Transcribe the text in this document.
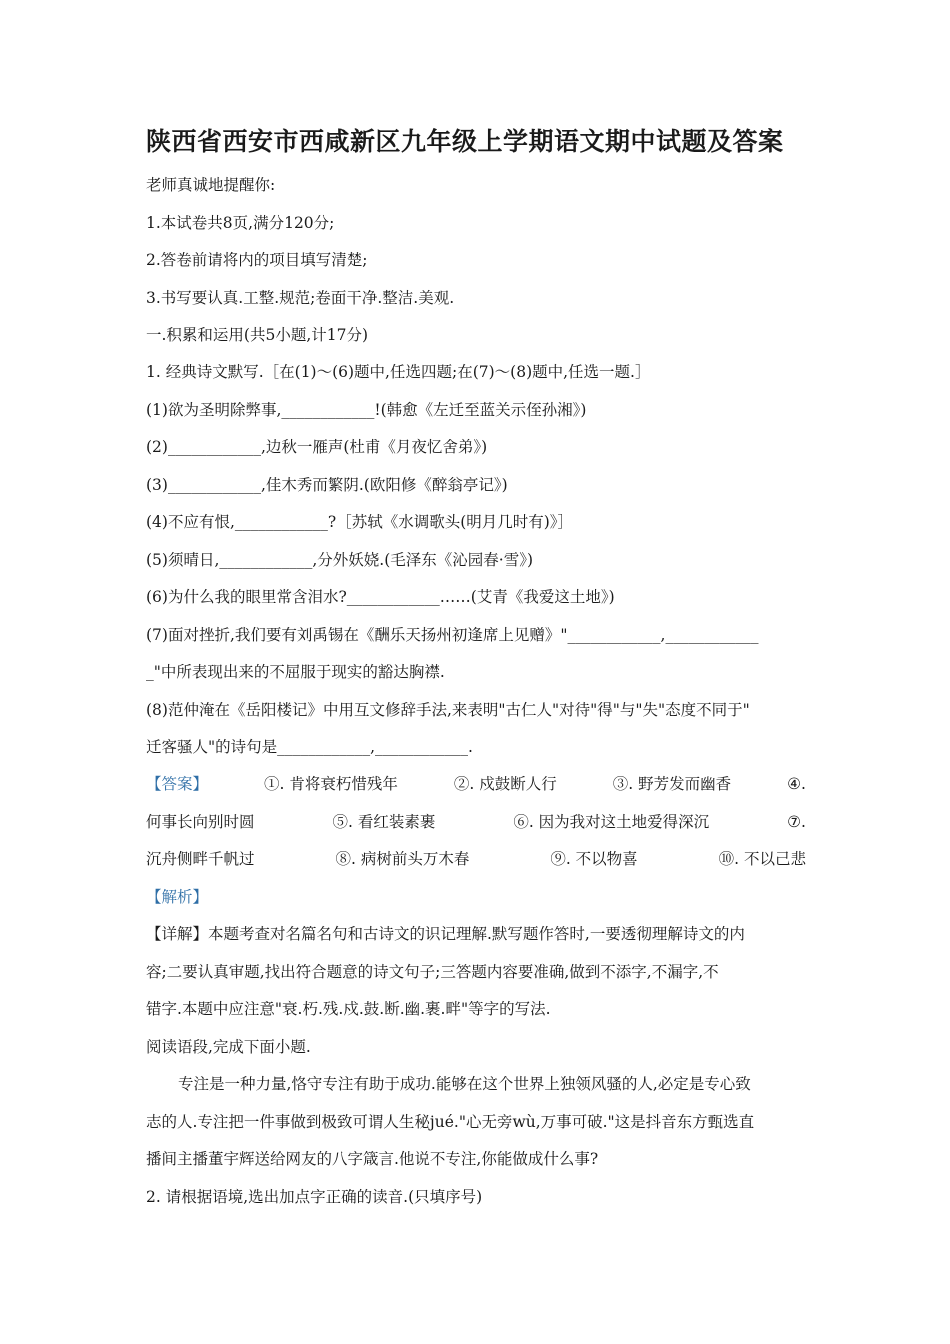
陕西省西安市西咸新区九年级上学期语文期中试题及答案
老师真诚地提醒你:
1.本试卷共8页,满分120分;
2.答卷前请将内的项目填写清楚;
3.书写要认真.工整.规范;卷面干净.整洁.美观.
一.积累和运用(共5小题,计17分)
1. 经典诗文默写.［在(1)～(6)题中,任选四题;在(7)～(8)题中,任选一题.］
(1)欲为圣明除弊事,____________!(韩愈《左迁至蓝关示侄孙湘》)
(2)____________,边秋一雁声(杜甫《月夜忆舍弟》)
(3)____________,佳木秀而繁阴.(欧阳修《醉翁亭记》)
(4)不应有恨,____________?［苏轼《水调歌头(明月几时有)》］
(5)须晴日,____________,分外妖娆.(毛泽东《沁园春·雪》)
(6)为什么我的眼里常含泪水?____________……(艾青《我爱这土地》)
(7)面对挫折,我们要有刘禹锡在《酬乐天扬州初逢席上见赠》"____________,____________
_"中所表现出来的不屈服于现实的豁达胸襟.
(8)范仲淹在《岳阳楼记》中用互文修辞手法,来表明"古仁人"对待"得"与"失"态度不同于"
迁客骚人"的诗句是____________,____________.
【答案】	①. 肯将衰朽惜残年	②. 戍鼓断人行	③. 野芳发而幽香	④.
何事长向别时圆	⑤. 看红装素裹	⑥. 因为我对这土地爱得深沉	⑦.
沉舟侧畔千帆过	⑧. 病树前头万木春	⑨. 不以物喜	⑩. 不以己悲
【解析】
【详解】本题考查对名篇名句和古诗文的识记理解.默写题作答时,一要透彻理解诗文的内
容;二要认真审题,找出符合题意的诗文句子;三答题内容要准确,做到不添字,不漏字,不
错字.本题中应注意"衰.朽.残.戍.鼓.断.幽.裹.畔"等字的写法.
阅读语段,完成下面小题.
专注是一种力量,恪守专注有助于成功.能够在这个世界上独领风骚的人,必定是专心致
志的人.专注把一件事做到极致可谓人生秘jué."心无旁wù,万事可破."这是抖音东方甄选直
播间主播董宇辉送给网友的八字箴言.他说不专注,你能做成什么事?
2. 请根据语境,选出加点字正确的读音.(只填序号)
